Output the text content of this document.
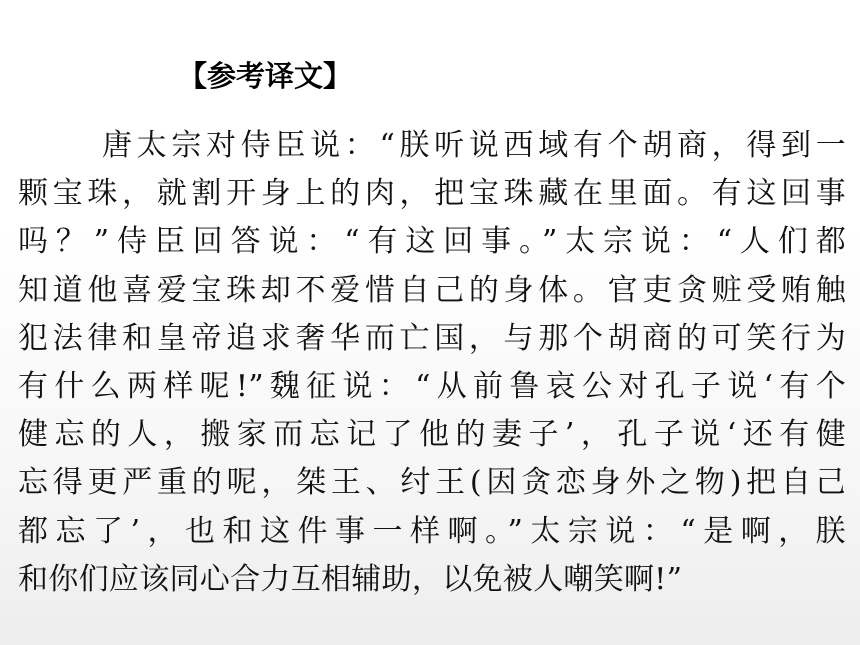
【参考译文】
唐太宗对侍臣说：“朕听说西域有个胡商，得到一
颗宝珠，就割开身上的肉，把宝珠藏在里面。有这回事
吗？”侍臣回答说：“有这回事。”太宗说：“人们都
知道他喜爱宝珠却不爱惜自己的身体。官吏贪赃受贿触
犯法律和皇帝追求奢华而亡国，与那个胡商的可笑行为
有什么两样呢!”魏征说：“从前鲁哀公对孔子说‘有个
健忘的人，搬家而忘记了他的妻子’，孔子说‘还有健
忘得更严重的呢，桀王、纣王(因贪恋身外之物)把自己
都忘了’，也和这件事一样啊。”太宗说：“是啊，朕
和你们应该同心合力互相辅助，以免被人嘲笑啊!”
